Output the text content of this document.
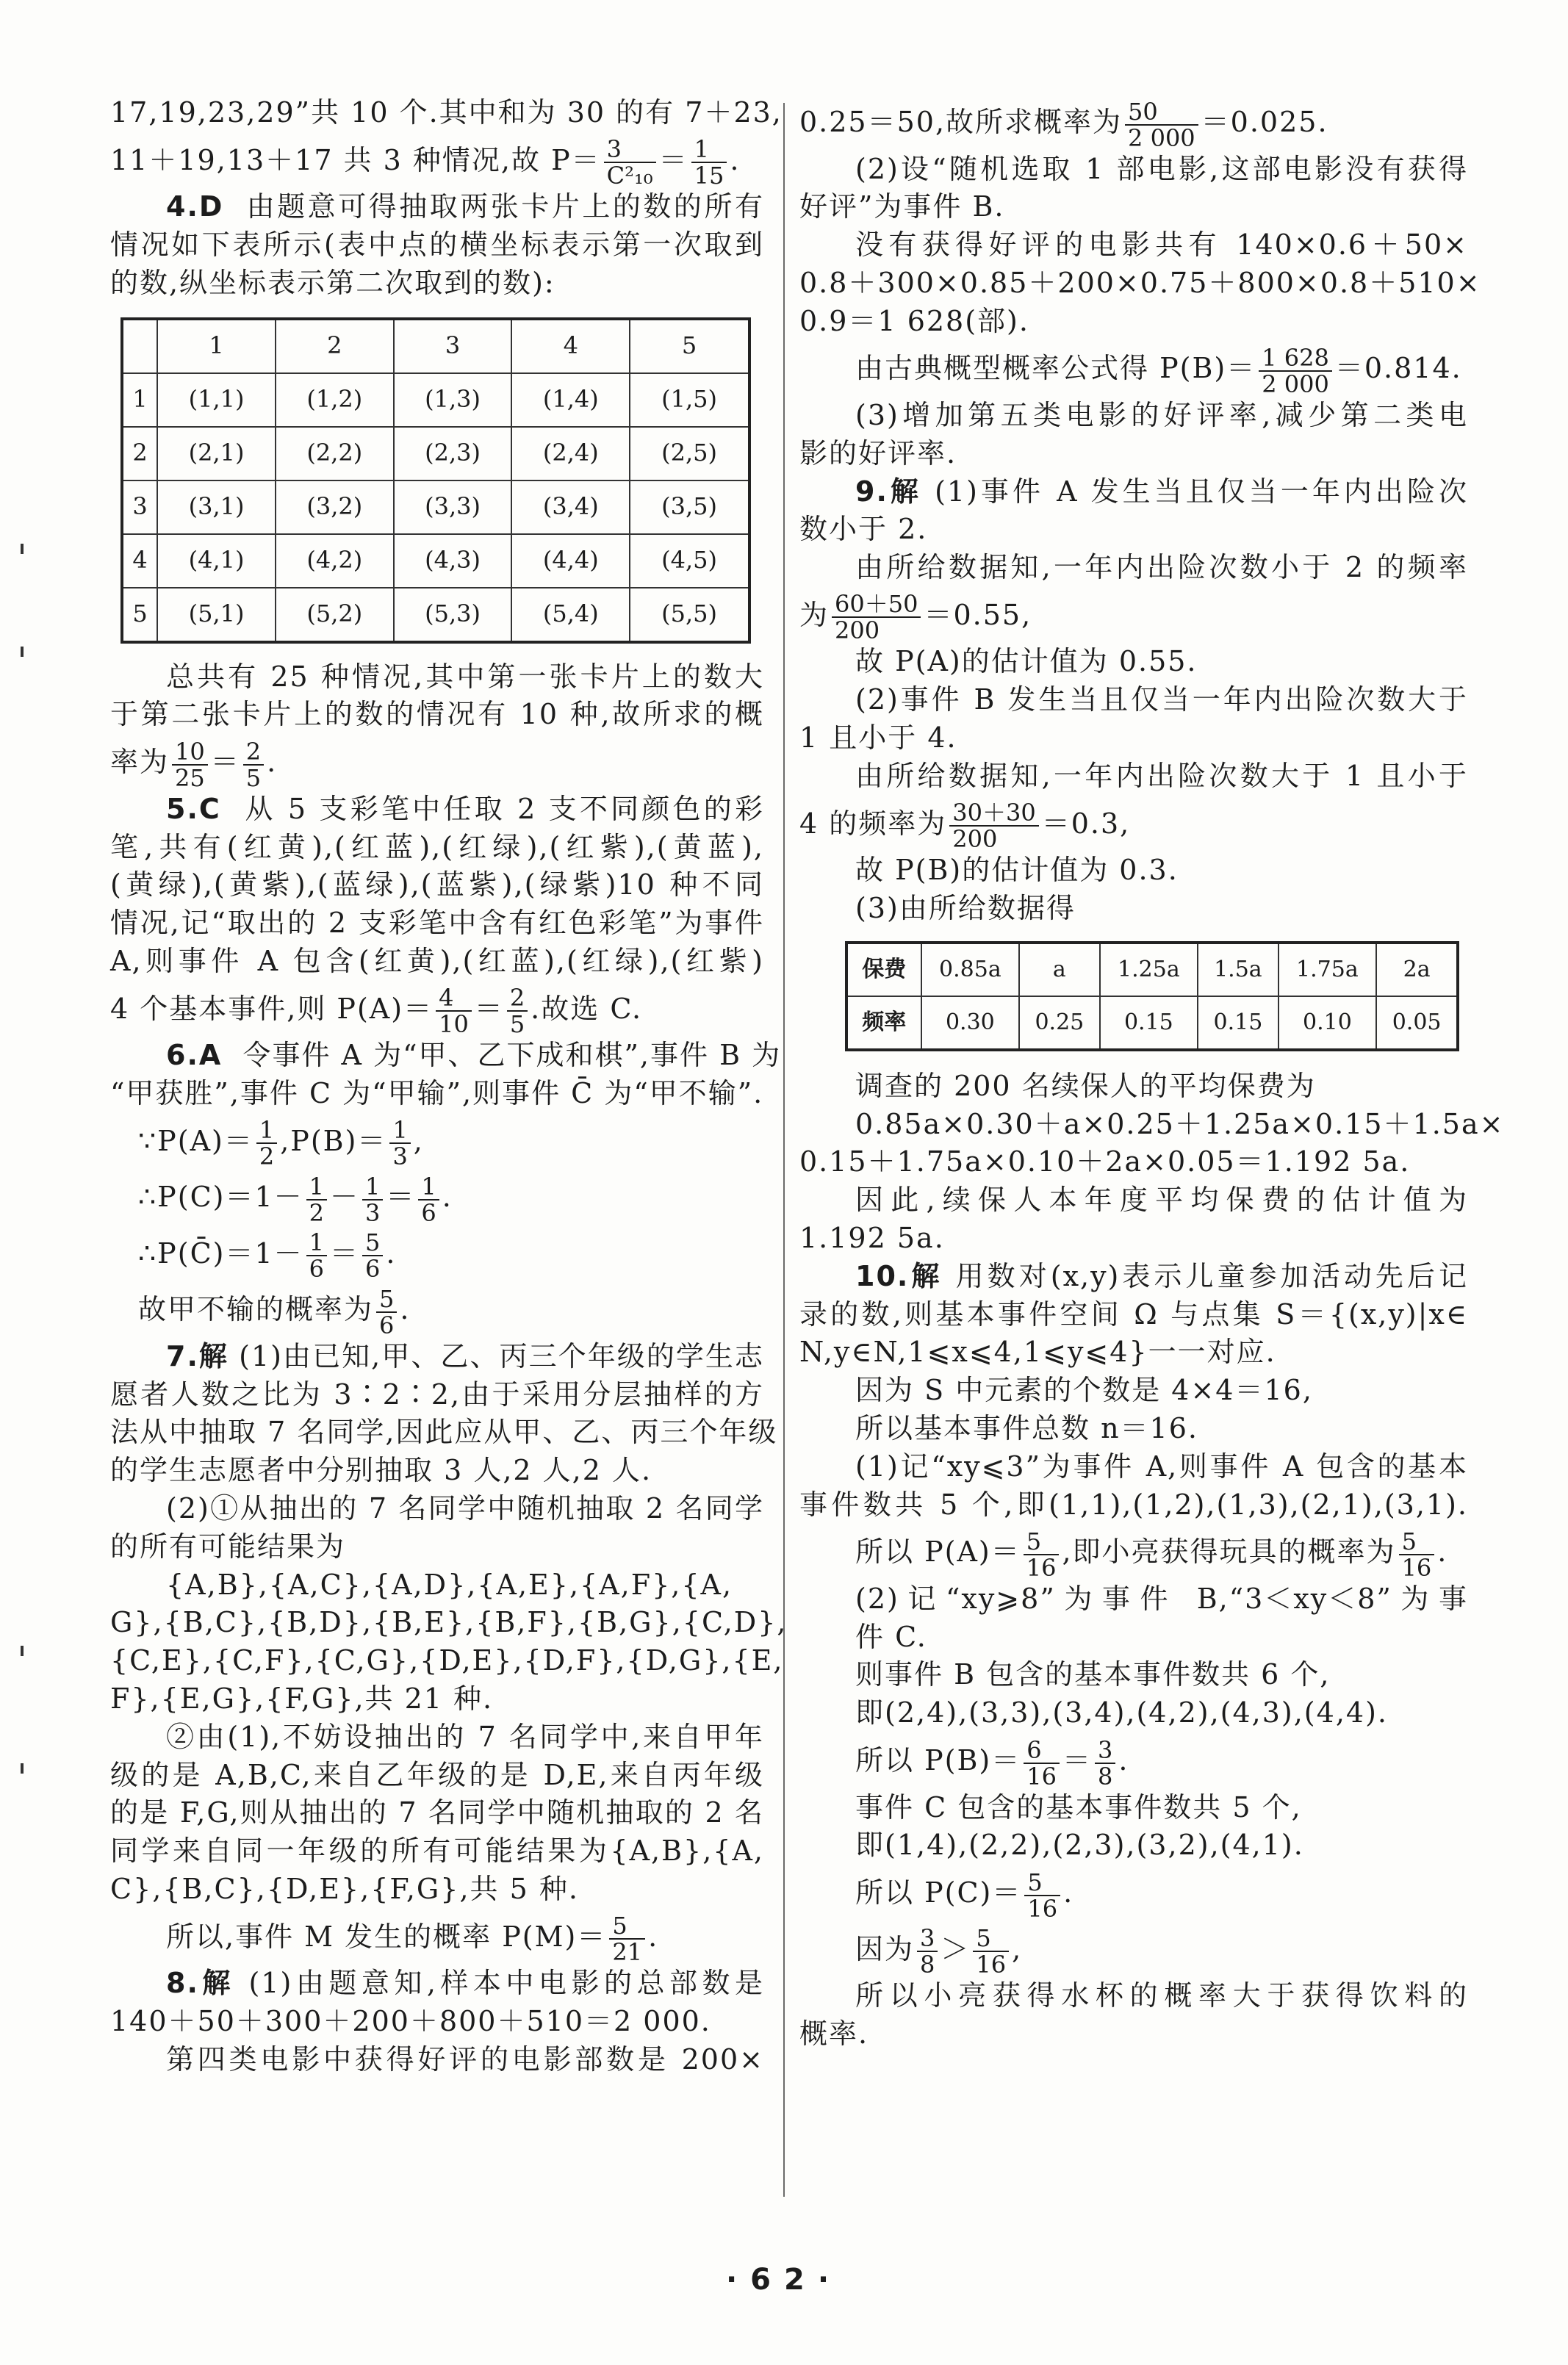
17,19,23,29”共 10 个.其中和为 30 的有 7＋23,
11＋19,13＋17 共 3 种情况,故 $P= \frac{3}{\text{C²₁₀}} = \frac{1}{15}$ .
4.D 由题意可得抽取两张卡片上的数的所有
情况如下表所示(表中点的横坐标表示第一次取到
的数,纵坐标表示第二次取到的数):
	1	2	3	4	5
1	(1,1)	(1,2)	(1,3)	(1,4)	(1,5)
2	(2,1)	(2,2)	(2,3)	(2,4)	(2,5)
3	(3,1)	(3,2)	(3,3)	(3,4)	(3,5)
4	(4,1)	(4,2)	(4,3)	(4,4)	(4,5)
5	(5,1)	(5,2)	(5,3)	(5,4)	(5,5)
总共有 25 种情况,其中第一张卡片上的数大
于第二张卡片上的数的情况有 10 种,故所求的概
率为 $\frac{10}{25} = \frac{2}{5}$ .
5.C 从 5 支彩笔中任取 2 支不同颜色的彩
笔,共有(红黄),(红蓝),(红绿),(红紫),(黄蓝),
(黄绿),(黄紫),(蓝绿),(蓝紫),(绿紫)10 种不同
情况,记“取出的 2 支彩笔中含有红色彩笔”为事件
A,则事件 A 包含(红黄),(红蓝),(红绿),(红紫)
4 个基本事件,则 $P(A)= \frac{4}{10} = \frac{2}{5}$ .故选 C.
6.A 令事件 A 为“甲、乙下成和棋”,事件 B 为
“甲获胜”,事件 C 为“甲输”,则事件 C̄ 为“甲不输”.
∵P(A)＝ $\frac{1}{2} ,P(B)= \frac{1}{3}$ ,
∴P(C)＝1－ $\frac{1}{2} - \frac{1}{3} = \frac{1}{6}$ .
∴P(C̄)＝1－ $\frac{1}{6} = \frac{5}{6}$ .
故甲不输的概率为 $\frac{5}{6}$ .
7.解 (1)由已知,甲、乙、丙三个年级的学生志
愿者人数之比为 3∶2∶2,由于采用分层抽样的方
法从中抽取 7 名同学,因此应从甲、乙、丙三个年级
的学生志愿者中分别抽取 3 人,2 人,2 人.
(2)①从抽出的 7 名同学中随机抽取 2 名同学
的所有可能结果为
{A,B},{A,C},{A,D},{A,E},{A,F},{A,
G},{B,C},{B,D},{B,E},{B,F},{B,G},{C,D},
{C,E},{C,F},{C,G},{D,E},{D,F},{D,G},{E,
F},{E,G},{F,G},共 21 种.
②由(1),不妨设抽出的 7 名同学中,来自甲年
级的是 A,B,C,来自乙年级的是 D,E,来自丙年级
的是 F,G,则从抽出的 7 名同学中随机抽取的 2 名
同学来自同一年级的所有可能结果为{A,B},{A,
C},{B,C},{D,E},{F,G},共 5 种.
所以,事件 M 发生的概率 $P(M)= \frac{5}{21}$ .
8.解 (1)由题意知,样本中电影的总部数是
140＋50＋300＋200＋800＋510＝2 000.
第四类电影中获得好评的电影部数是 200×
0.25＝50,故所求概率为 $\frac{50}{2 000} =0.025$.
(2)设“随机选取 1 部电影,这部电影没有获得
好评”为事件 B.
没有获得好评的电影共有 140×0.6＋50×
0.8＋300×0.85＋200×0.75＋800×0.8＋510×
0.9＝1 628(部).
由古典概型概率公式得 $P(B)= \frac{1 628}{2 000} =0.814$.
(3)增加第五类电影的好评率,减少第二类电
影的好评率.
9.解 (1)事件 A 发生当且仅当一年内出险次
数小于 2.
由所给数据知,一年内出险次数小于 2 的频率
为 $\frac{60+50}{200} =0.55$,
故 P(A)的估计值为 0.55.
(2)事件 B 发生当且仅当一年内出险次数大于
1 且小于 4.
由所给数据知,一年内出险次数大于 1 且小于
4 的频率为 $\frac{30+30}{200} =0.3$,
故 P(B)的估计值为 0.3.
(3)由所给数据得
保费	0.85a	a	1.25a	1.5a	1.75a	2a
频率	0.30	0.25	0.15	0.15	0.10	0.05
调查的 200 名续保人的平均保费为
0.85a×0.30＋a×0.25＋1.25a×0.15＋1.5a×
0.15＋1.75a×0.10＋2a×0.05＝1.192 5a.
因此,续保人本年度平均保费的估计值为
1.192 5a.
10.解 用数对(x,y)表示儿童参加活动先后记
录的数,则基本事件空间 Ω 与点集 S＝{(x,y)|x∈
N,y∈N,1⩽x⩽4,1⩽y⩽4}一一对应.
因为 S 中元素的个数是 4×4＝16,
所以基本事件总数 n＝16.
(1)记“xy⩽3”为事件 A,则事件 A 包含的基本
事件数共 5 个,即(1,1),(1,2),(1,3),(2,1),(3,1).
所以 $P(A)= \frac{5}{16}$ ,即小亮获得玩具的概率为 $\frac{5}{16}$ .
(2)记“xy⩾8”为事件 B,“3＜xy＜8”为事
件 C.
则事件 B 包含的基本事件数共 6 个,
即(2,4),(3,3),(3,4),(4,2),(4,3),(4,4).
所以 $P(B)= \frac{6}{16} = \frac{3}{8}$ .
事件 C 包含的基本事件数共 5 个,
即(1,4),(2,2),(2,3),(3,2),(4,1).
所以 $P(C)= \frac{5}{16}$ .
因为 $\frac{3}{8} > \frac{5}{16}$ ,
所以小亮获得水杯的概率大于获得饮料的
概率.
·62·
